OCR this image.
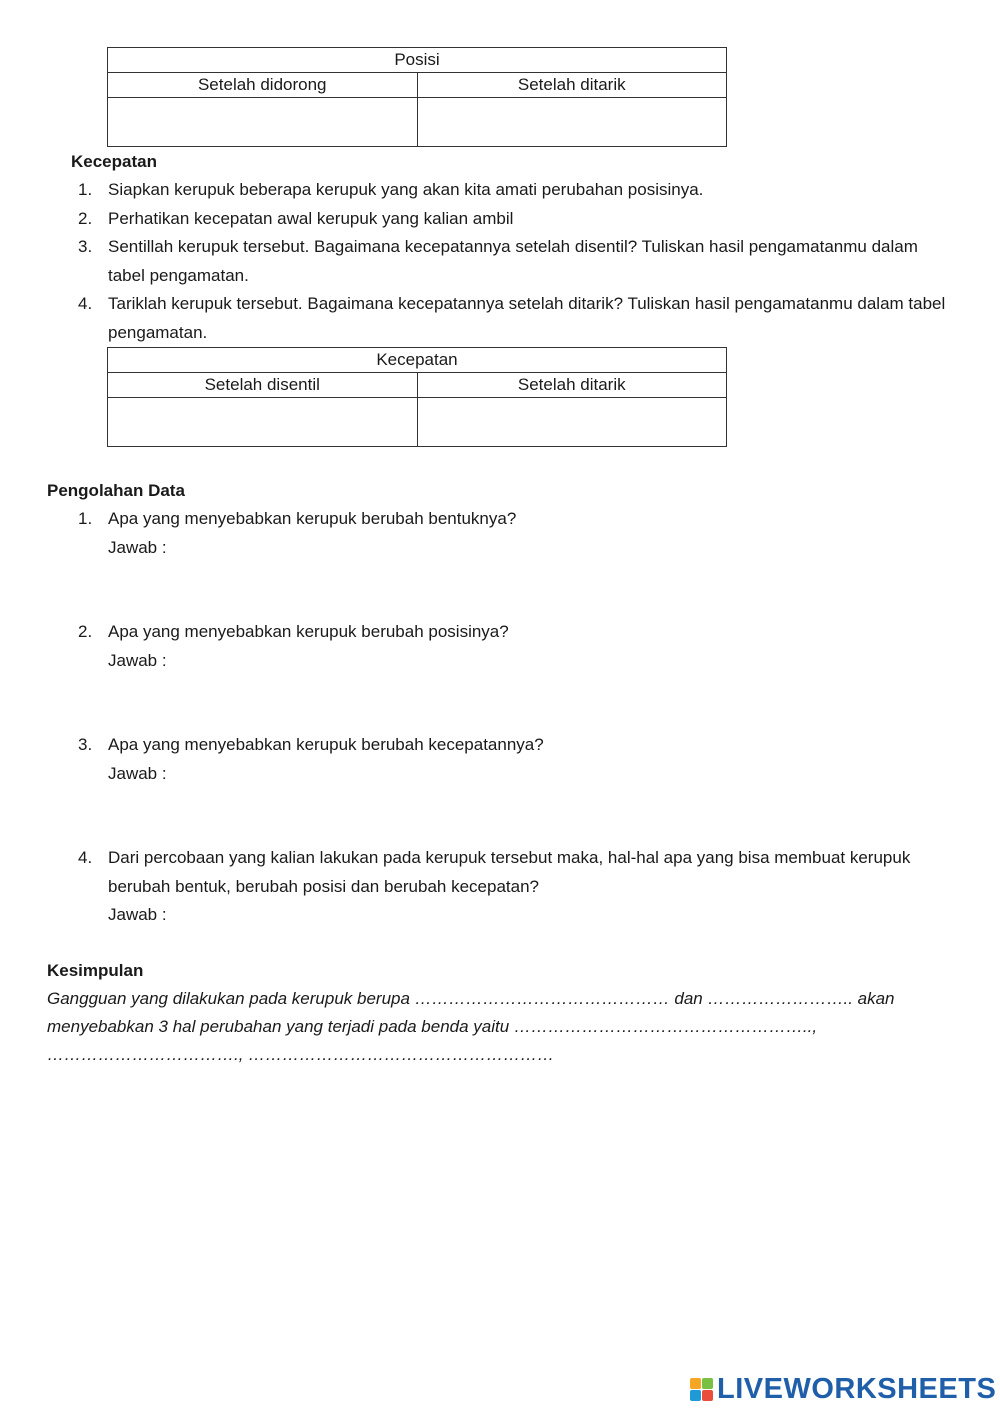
Posisi	
Setelah didorong	Setelah ditarik

Kecepatan
1. Siapkan kerupuk beberapa kerupuk yang akan kita amati perubahan posisinya.
2. Perhatikan kecepatan awal kerupuk yang kalian ambil
3. Sentillah kerupuk tersebut. Bagaimana kecepatannya setelah disentil? Tuliskan hasil pengamatanmu dalam tabel pengamatan.
4. Tariklah kerupuk tersebut. Bagaimana kecepatannya setelah ditarik? Tuliskan hasil pengamatanmu dalam tabel pengamatan.
Kecepatan	
Setelah disentil	Setelah ditarik

Pengolahan Data
1. Apa yang menyebabkan kerupuk berubah bentuknya?
Jawab :
2. Apa yang menyebabkan kerupuk berubah posisinya?
Jawab :
3. Apa yang menyebabkan kerupuk berubah kecepatannya?
Jawab :
4. Dari percobaan yang kalian lakukan pada kerupuk tersebut maka, hal-hal apa yang bisa membuat kerupuk berubah bentuk, berubah posisi dan berubah kecepatan?
Jawab :
Kesimpulan
Gangguan yang dilakukan pada kerupuk berupa ……………………………………… dan …………………….. akan
menyebabkan 3 hal perubahan yang terjadi pada benda yaitu ……………………………………………..,
……………………………., ………………………………………………
LIVEWORKSHEETS
